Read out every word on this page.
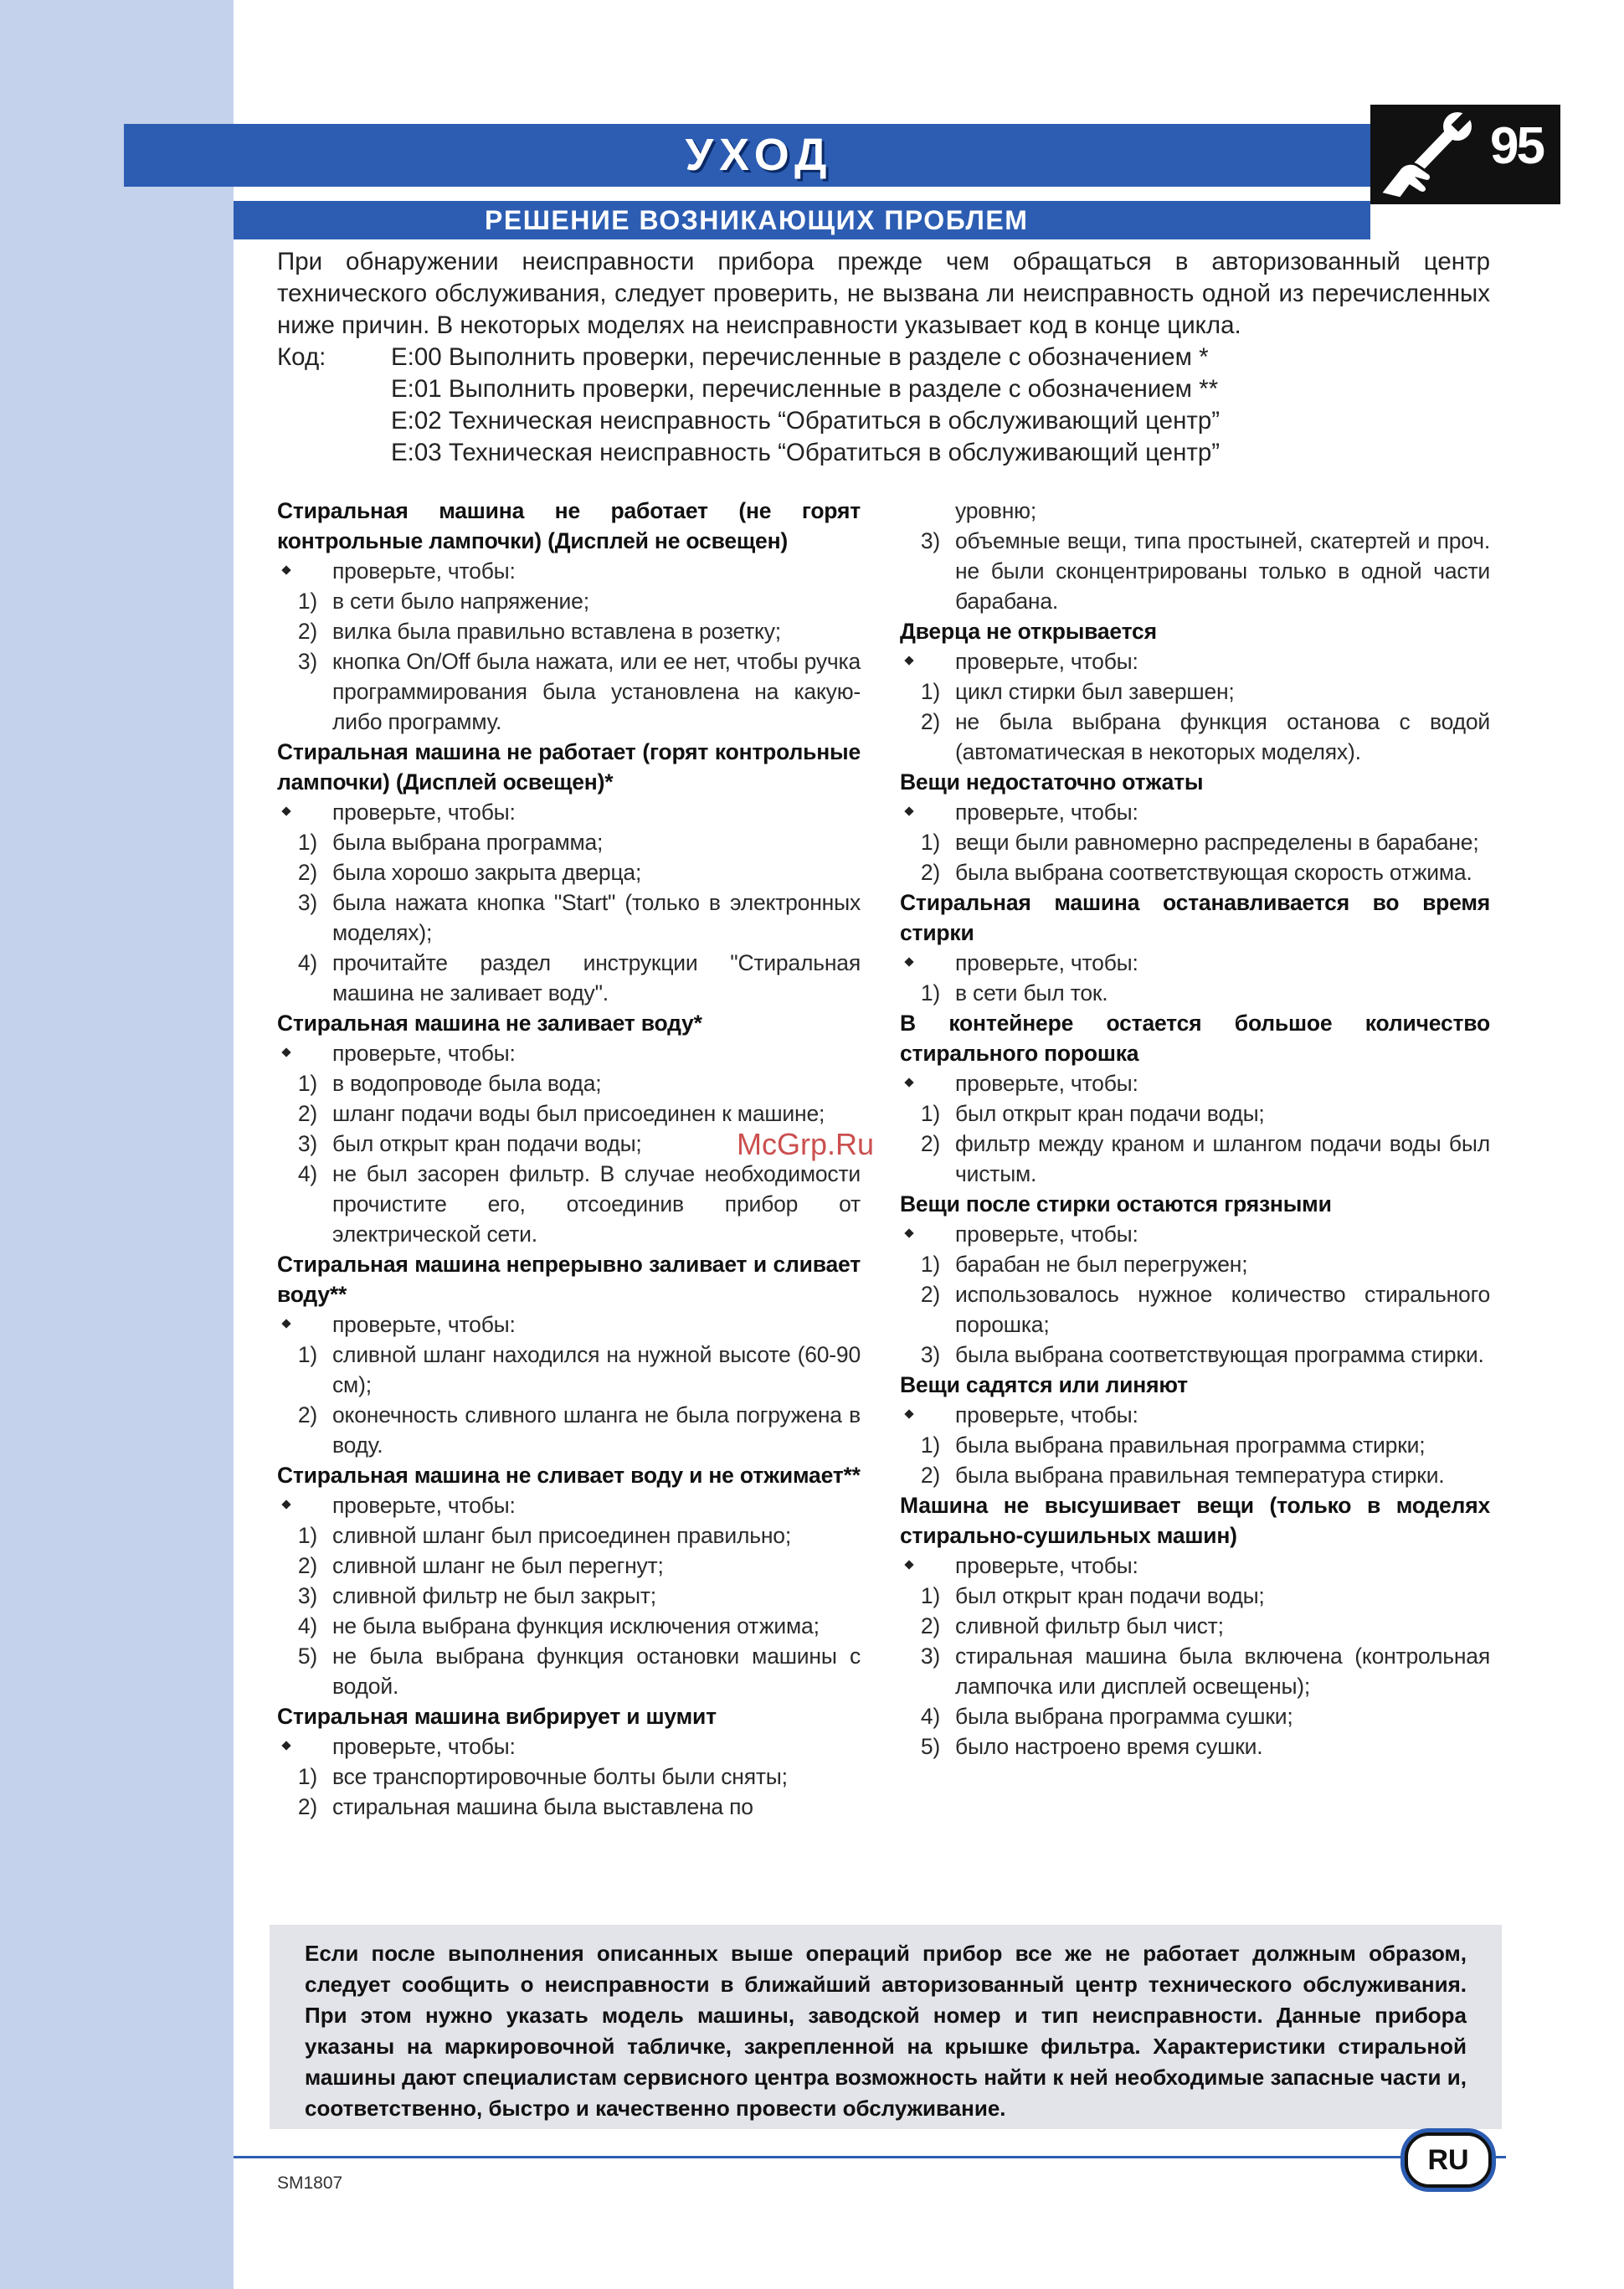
УХОД	95
РЕШЕНИЕ ВОЗНИКАЮЩИХ ПРОБЛЕМ

При обнаружении неисправности прибора прежде чем обращаться в авторизованный центр технического обслуживания, следует проверить, не вызвана ли неисправность одной из перечисленных ниже причин. В некоторых моделях на неисправности указывает код в конце цикла.

Код:	E:00 Выполнить проверки, перечисленные в разделе с обозначением *
E:01 Выполнить проверки, перечисленные в разделе с обозначением **
E:02 Техническая неисправность “Обратиться в обслуживающий центр”
E:03 Техническая неисправность “Обратиться в обслуживающий центр”
Стиральная машина не работает (не горят контрольные лампочки) (Дисплей не освещен)
проверьте, чтобы:
1) в сети было напряжение;
2) вилка была правильно вставлена в розетку;
3) кнопка On/Off была нажата, или ее нет, чтобы ручка программирования была установлена на какую-либо программу.
Стиральная машина не работает (горят контрольные лампочки) (Дисплей освещен)*
проверьте, чтобы:
1) была выбрана программа;
2) была хорошо закрыта дверца;
3) была нажата кнопка "Start" (только в электронных моделях);
4) прочитайте раздел инструкции "Стиральная машина не заливает воду".
Стиральная машина не заливает воду*
проверьте, чтобы:
1) в водопроводе была вода;
2) шланг подачи воды был присоединен к машине;
3) был открыт кран подачи воды;
4) не был засорен фильтр. В случае необходимости прочистите его, отсоединив прибор от электрической сети.
Стиральная машина непрерывно заливает и сливает воду**
проверьте, чтобы:
1) сливной шланг находился на нужной высоте (60-90 см);
2) оконечность сливного шланга не была погружена в воду.
Стиральная машина не сливает воду и не отжимает**
проверьте, чтобы:
1) сливной шланг был присоединен правильно;
2) сливной шланг не был перегнут;
3) сливной фильтр не был закрыт;
4) не была выбрана функция исключения отжима;
5) не была выбрана функция остановки машины с водой.
Стиральная машина вибрирует и шумит
проверьте, чтобы:
1) все транспортировочные болты были сняты;
2) стиральная машина была выставлена по
уровню;
3) объемные вещи, типа простыней, скатертей и проч. не были сконцентрированы только в одной части барабана.
Дверца не открывается
проверьте, чтобы:
1) цикл стирки был завершен;
2) не была выбрана функция останова с водой (автоматическая в некоторых моделях).
Вещи недостаточно отжаты
проверьте, чтобы:
1) вещи были равномерно распределены в барабане;
2) была выбрана соответствующая скорость отжима.
Стиральная машина останавливается во время стирки
проверьте, чтобы:
1) в сети был ток.
В контейнере остается большое количество стирального порошка
проверьте, чтобы:
1) был открыт кран подачи воды;
2) фильтр между краном и шлангом подачи воды был чистым.
Вещи после стирки остаются грязными
проверьте, чтобы:
1) барабан не был перегружен;
2) использовалось нужное количество стирального порошка;
3) была выбрана соответствующая программа стирки.
Вещи садятся или линяют
проверьте, чтобы:
1) была выбрана правильная программа стирки;
2) была выбрана правильная температура стирки.
Машина не высушивает вещи (только в моделях стирально-сушильных машин)
проверьте, чтобы:
1) был открыт кран подачи воды;
2) сливной фильтр был чист;
3) стиральная машина была включена (контрольная лампочка или дисплей освещены);
4) была выбрана программа сушки;
5) было настроено время сушки.

Если после выполнения описанных выше операций прибор все же не работает должным образом, следует сообщить о неисправности в ближайший авторизованный центр технического обслуживания. При этом нужно указать модель машины, заводской номер и тип неисправности. Данные прибора указаны на маркировочной табличке, закрепленной на крышке фильтра. Характеристики стиральной машины дают специалистам сервисного центра возможность найти к ней необходимые запасные части и, соответственно, быстро и качественно провести обслуживание.

RU
SM1807
McGrp.Ru
